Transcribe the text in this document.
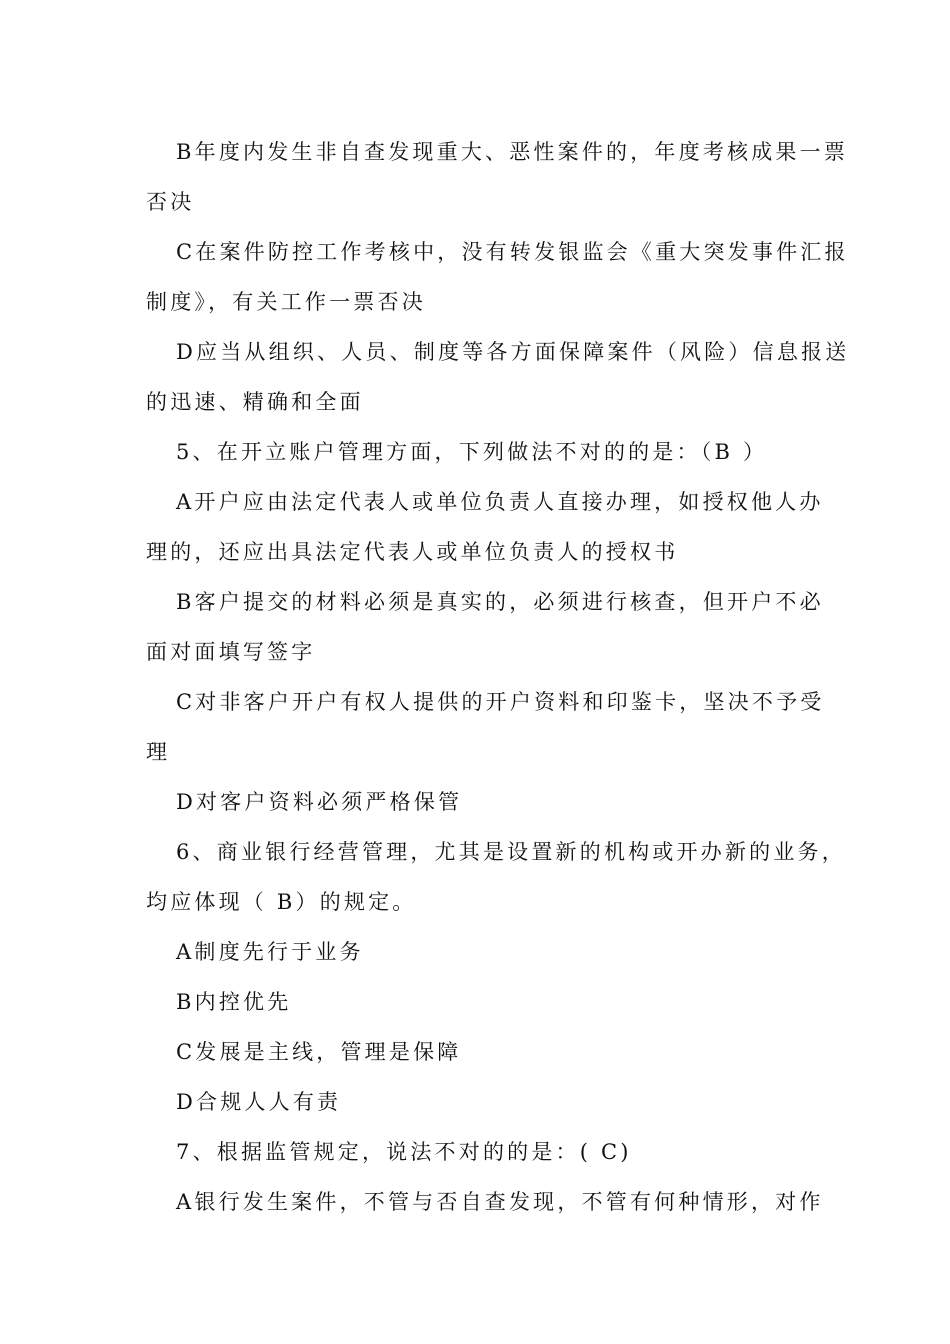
B年度内发生非自查发现重大、恶性案件的，年度考核成果一票
否决
C在案件防控工作考核中，没有转发银监会《重大突发事件汇报
制度》，有关工作一票否决
D应当从组织、人员、制度等各方面保障案件（风险）信息报送
的迅速、精确和全面
5、在开立账户管理方面，下列做法不对的的是：（B ）
A开户应由法定代表人或单位负责人直接办理，如授权他人办
理的，还应出具法定代表人或单位负责人的授权书
B客户提交的材料必须是真实的，必须进行核查，但开户不必
面对面填写签字
C对非客户开户有权人提供的开户资料和印鉴卡，坚决不予受
理
D对客户资料必须严格保管
6、商业银行经营管理，尤其是设置新的机构或开办新的业务，
均应体现（ B）的规定。
A制度先行于业务
B内控优先
C发展是主线，管理是保障
D合规人人有责
7、根据监管规定，说法不对的的是：( C)
A银行发生案件，不管与否自查发现，不管有何种情形，对作
